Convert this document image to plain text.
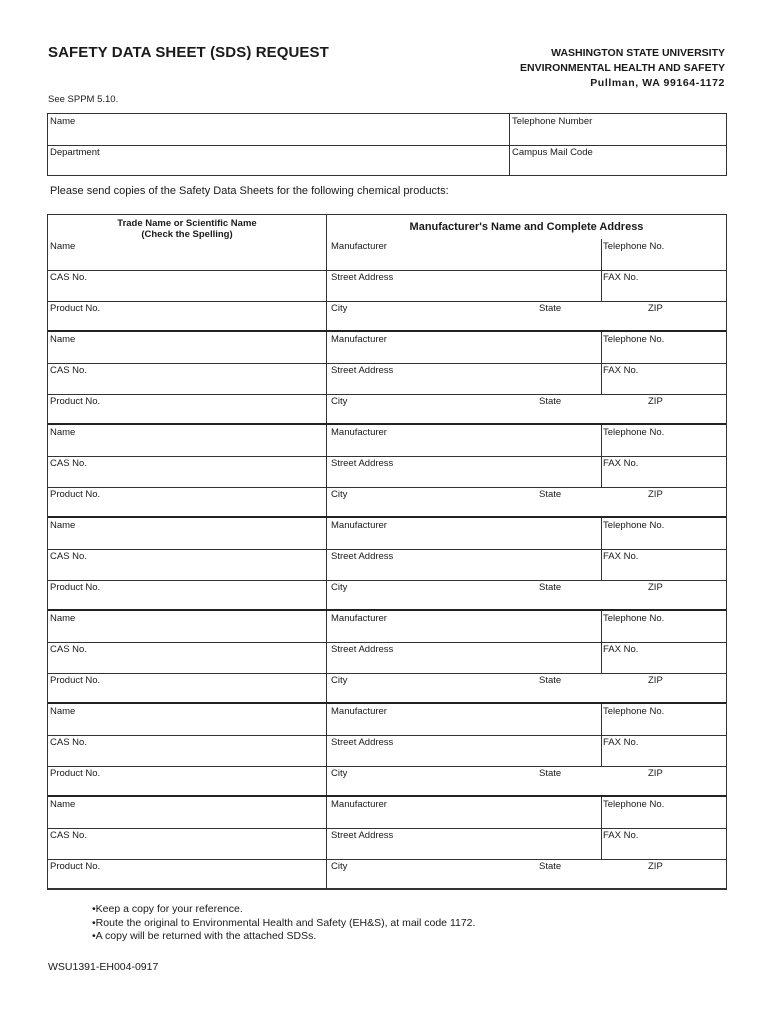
SAFETY DATA SHEET (SDS) REQUEST	WASHINGTON STATE UNIVERSITY
ENVIRONMENTAL HEALTH AND SAFETY
Pullman, WA 99164-1172
See SPPM 5.10.
Name	Telephone Number
Department	Campus Mail Code
Please send copies of the Safety Data Sheets for the following chemical products:
Trade Name or Scientific Name
(Check the Spelling)
Manufacturer's Name and Complete Address
Name	Manufacturer	Telephone No.
CAS No.	Street Address	FAX No.
Product No.	City	State	ZIP
Name	Manufacturer	Telephone No.
CAS No.	Street Address	FAX No.
Product No.	City	State	ZIP
Name	Manufacturer	Telephone No.
CAS No.	Street Address	FAX No.
Product No.	City	State	ZIP
Name	Manufacturer	Telephone No.
CAS No.	Street Address	FAX No.
Product No.	City	State	ZIP
Name	Manufacturer	Telephone No.
CAS No.	Street Address	FAX No.
Product No.	City	State	ZIP
Name	Manufacturer	Telephone No.
CAS No.	Street Address	FAX No.
Product No.	City	State	ZIP
Name	Manufacturer	Telephone No.
CAS No.	Street Address	FAX No.
Product No.	City	State	ZIP
•Keep a copy for your reference.
•Route the original to Environmental Health and Safety (EH&S), at mail code 1172.
•A copy will be returned with the attached SDSs.
WSU1391-EH004-0917
